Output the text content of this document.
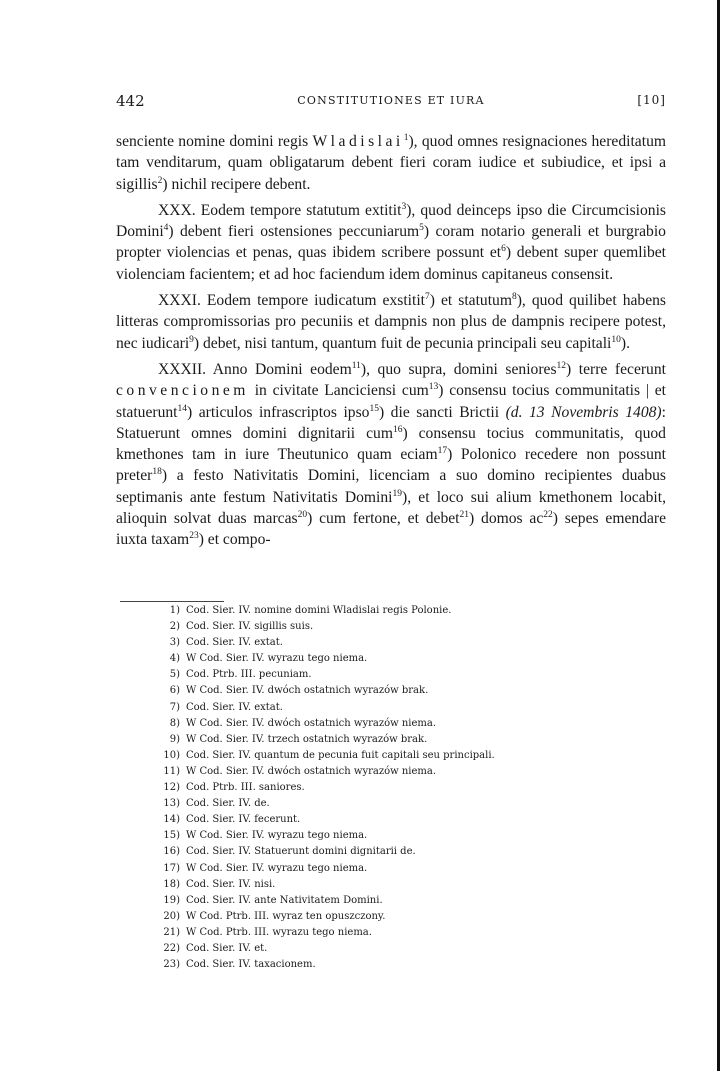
442	CONSTITUTIONES ET IURA	[10]

senciente nomine domini regis Wladislai$^1$), quod omnes resignaciones hereditatum tam venditarum, quam obligatarum debent fieri coram iudice et subiudice, et ipsi a sigillis$^2$) nichil recipere debent.

XXX. Eodem tempore statutum extitit$^3$), quod deinceps ipso die Circumcisionis Domini$^4$) debent fieri ostensiones peccuniarum$^5$) coram notario generali et burgrabio propter violencias et penas, quas ibidem scribere possunt et$^6$) debent super quemlibet violenciam facientem; et ad hoc faciendum idem dominus capitaneus consensit.

XXXI. Eodem tempore iudicatum exstitit$^7$) et statutum$^8$), quod quilibet habens litteras compromissorias pro pecuniis et dampnis non plus de dampnis recipere potest, nec iudicari$^9$) debet, nisi tantum, quantum fuit de pecunia principali seu capitali$^{10}$).

XXXII. Anno Domini eodem$^{11}$), quo supra, domini seniores$^{12}$) terre fecerunt convencionem in civitate Lanciciensi cum$^{13}$) consensu tocius communitatis | et statuerunt$^{14}$) articulos infrascriptos ipso$^{15}$) die sancti Brictii (d. 13 Novembris 1408): Statuerunt omnes domini dignitarii cum$^{16}$) consensu tocius communitatis, quod kmethones tam in iure Theutunico quam eciam$^{17}$) Polonico recedere non possunt preter$^{18}$) a festo Nativitatis Domini, licenciam a suo domino recipientes duabus septimanis ante festum Nativitatis Domini$^{19}$), et loco sui alium kmethonem locabit, alioquin solvat duas marcas$^{20}$) cum fertone, et debet$^{21}$) domos ac$^{22}$) sepes emendare iuxta taxam$^{23}$) et compo-

1) Cod. Sier. IV. nomine domini Wladislai regis Polonie.
2) Cod. Sier. IV. sigillis suis.
3) Cod. Sier. IV. extat.
4) W Cod. Sier. IV. wyrazu tego niema.
5) Cod. Ptrb. III. pecuniam.
6) W Cod. Sier. IV. dwóch ostatnich wyrazów brak.
7) Cod. Sier. IV. extat.
8) W Cod. Sier. IV. dwóch ostatnich wyrazów niema.
9) W Cod. Sier. IV. trzech ostatnich wyrazów brak.
10) Cod. Sier. IV. quantum de pecunia fuit capitali seu principali.
11) W Cod. Sier. IV. dwóch ostatnich wyrazów niema.
12) Cod. Ptrb. III. saniores.
13) Cod. Sier. IV. de.
14) Cod. Sier. IV. fecerunt.
15) W Cod. Sier. IV. wyrazu tego niema.
16) Cod. Sier. IV. Statuerunt domini dignitarii de.
17) W Cod. Sier. IV. wyrazu tego niema.
18) Cod. Sier. IV. nisi.
19) Cod. Sier. IV. ante Nativitatem Domini.
20) W Cod. Ptrb. III. wyraz ten opuszczony.
21) W Cod. Ptrb. III. wyrazu tego niema.
22) Cod. Sier. IV. et.
23) Cod. Sier. IV. taxacionem.
